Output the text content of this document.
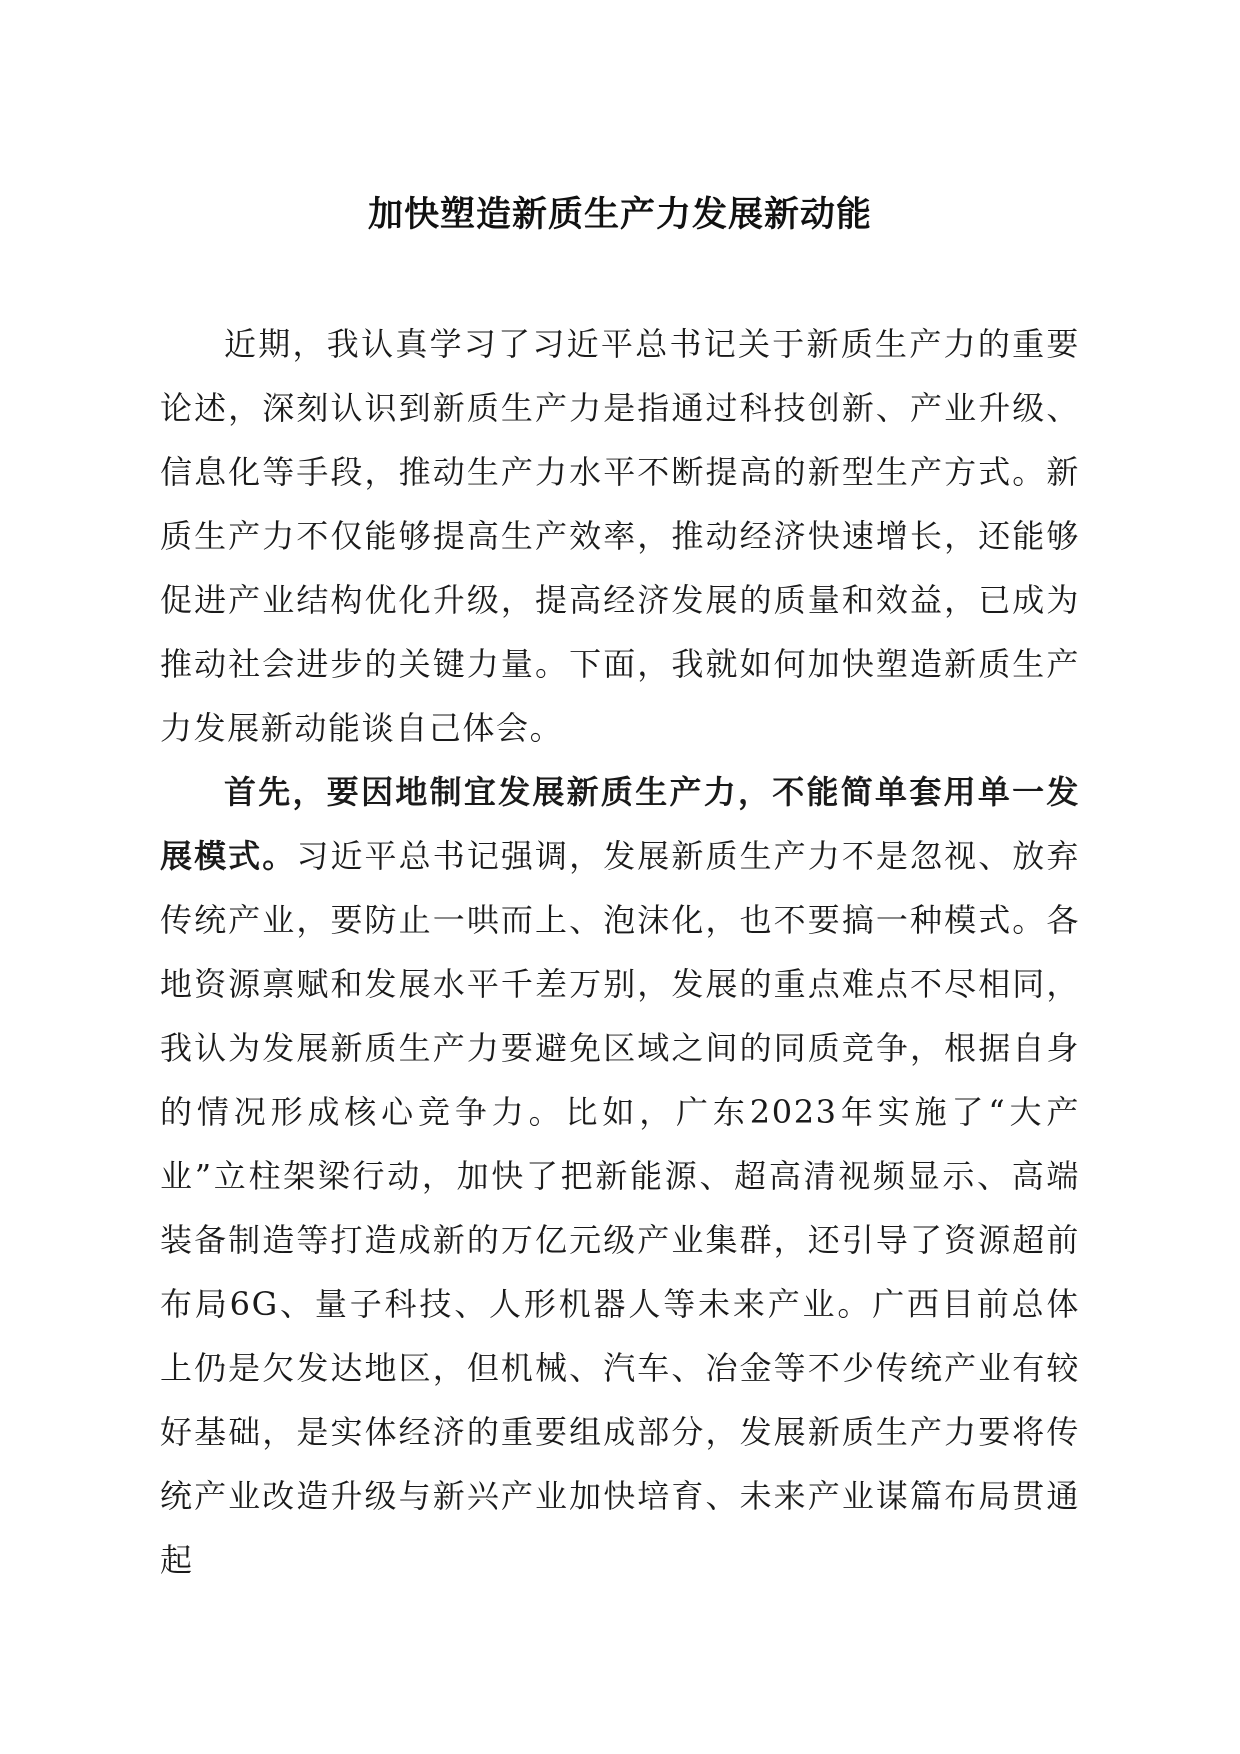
加快塑造新质生产力发展新动能

近期，我认真学习了习近平总书记关于新质生产力的重要论述，深刻认识到新质生产力是指通过科技创新、产业升级、信息化等手段，推动生产力水平不断提高的新型生产方式。新质生产力不仅能够提高生产效率，推动经济快速增长，还能够促进产业结构优化升级，提高经济发展的质量和效益，已成为推动社会进步的关键力量。下面，我就如何加快塑造新质生产力发展新动能谈自己体会。

首先，要因地制宜发展新质生产力，不能简单套用单一发展模式。习近平总书记强调，发展新质生产力不是忽视、放弃传统产业，要防止一哄而上、泡沫化，也不要搞一种模式。各地资源禀赋和发展水平千差万别，发展的重点难点不尽相同，我认为发展新质生产力要避免区域之间的同质竞争，根据自身的情况形成核心竞争力。比如，广东2023年实施了“大产业”立柱架梁行动，加快了把新能源、超高清视频显示、高端装备制造等打造成新的万亿元级产业集群，还引导了资源超前布局6G、量子科技、人形机器人等未来产业。广西目前总体上仍是欠发达地区，但机械、汽车、冶金等不少传统产业有较好基础，是实体经济的重要组成部分，发展新质生产力要将传统产业改造升级与新兴产业加快培育、未来产业谋篇布局贯通起
